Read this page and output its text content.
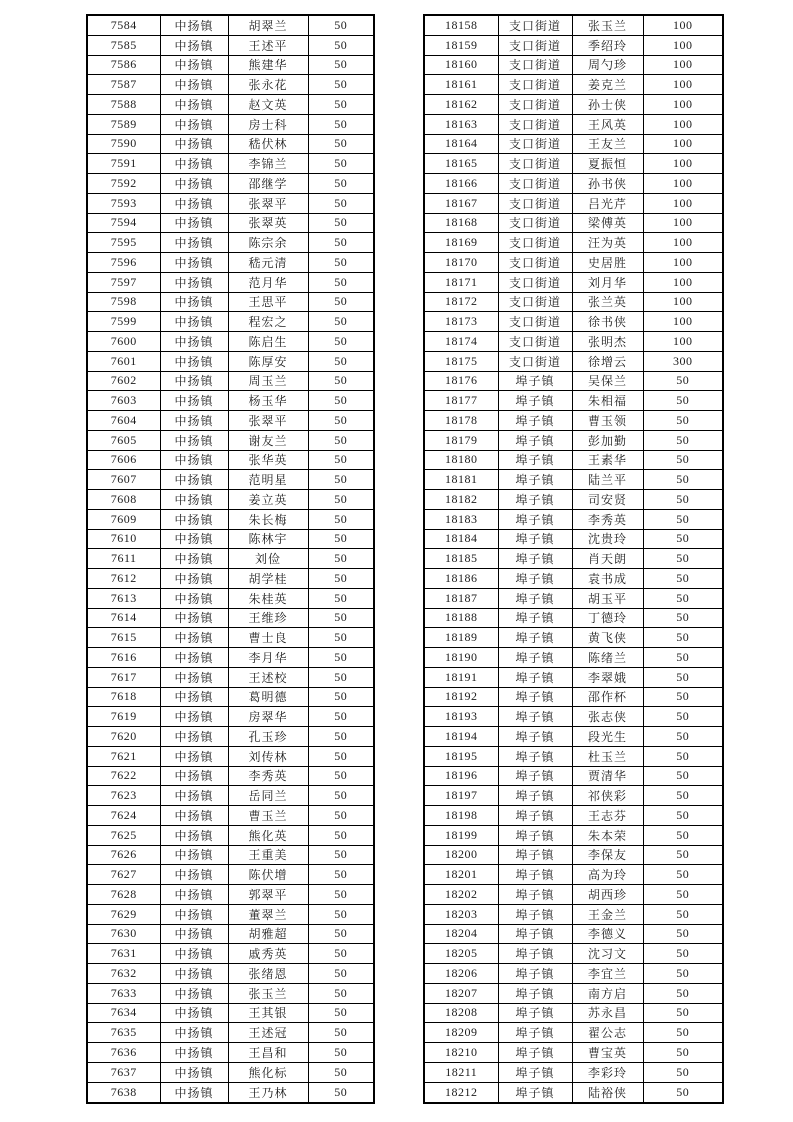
7584	中扬镇	胡翠兰	50
7585	中扬镇	王述平	50
7586	中扬镇	熊建华	50
7587	中扬镇	张永花	50
7588	中扬镇	赵文英	50
7589	中扬镇	房士科	50
7590	中扬镇	嵇伏林	50
7591	中扬镇	李锦兰	50
7592	中扬镇	邵继学	50
7593	中扬镇	张翠平	50
7594	中扬镇	张翠英	50
7595	中扬镇	陈宗余	50
7596	中扬镇	嵇元清	50
7597	中扬镇	范月华	50
7598	中扬镇	王思平	50
7599	中扬镇	程宏之	50
7600	中扬镇	陈启生	50
7601	中扬镇	陈厚安	50
7602	中扬镇	周玉兰	50
7603	中扬镇	杨玉华	50
7604	中扬镇	张翠平	50
7605	中扬镇	谢友兰	50
7606	中扬镇	张华英	50
7607	中扬镇	范明星	50
7608	中扬镇	姜立英	50
7609	中扬镇	朱长梅	50
7610	中扬镇	陈林宇	50
7611	中扬镇	刘俭	50
7612	中扬镇	胡学桂	50
7613	中扬镇	朱桂英	50
7614	中扬镇	王维珍	50
7615	中扬镇	曹士良	50
7616	中扬镇	李月华	50
7617	中扬镇	王述校	50
7618	中扬镇	葛明德	50
7619	中扬镇	房翠华	50
7620	中扬镇	孔玉珍	50
7621	中扬镇	刘传林	50
7622	中扬镇	李秀英	50
7623	中扬镇	岳同兰	50
7624	中扬镇	曹玉兰	50
7625	中扬镇	熊化英	50
7626	中扬镇	王重美	50
7627	中扬镇	陈伏增	50
7628	中扬镇	郭翠平	50
7629	中扬镇	董翠兰	50
7630	中扬镇	胡雅超	50
7631	中扬镇	戚秀英	50
7632	中扬镇	张绪恩	50
7633	中扬镇	张玉兰	50
7634	中扬镇	王其银	50
7635	中扬镇	王述冠	50
7636	中扬镇	王昌和	50
7637	中扬镇	熊化标	50
7638	中扬镇	王乃林	50
18158	支口街道	张玉兰	100
18159	支口街道	季绍玲	100
18160	支口街道	周勺珍	100
18161	支口街道	姜克兰	100
18162	支口街道	孙士侠	100
18163	支口街道	王风英	100
18164	支口街道	王友兰	100
18165	支口街道	夏振恒	100
18166	支口街道	孙书侠	100
18167	支口街道	吕光芹	100
18168	支口街道	梁傅英	100
18169	支口街道	汪为英	100
18170	支口街道	史居胜	100
18171	支口街道	刘月华	100
18172	支口街道	张兰英	100
18173	支口街道	徐书侠	100
18174	支口街道	张明杰	100
18175	支口街道	徐增云	300
18176	埠子镇	吴保兰	50
18177	埠子镇	朱相福	50
18178	埠子镇	曹玉领	50
18179	埠子镇	彭加勤	50
18180	埠子镇	王素华	50
18181	埠子镇	陆兰平	50
18182	埠子镇	司安贤	50
18183	埠子镇	李秀英	50
18184	埠子镇	沈贵玲	50
18185	埠子镇	肖天朗	50
18186	埠子镇	袁书成	50
18187	埠子镇	胡玉平	50
18188	埠子镇	丁德玲	50
18189	埠子镇	黄飞侠	50
18190	埠子镇	陈绪兰	50
18191	埠子镇	李翠娥	50
18192	埠子镇	邵作杯	50
18193	埠子镇	张志侠	50
18194	埠子镇	段光生	50
18195	埠子镇	杜玉兰	50
18196	埠子镇	贾清华	50
18197	埠子镇	祁侠彩	50
18198	埠子镇	王志芬	50
18199	埠子镇	朱本荣	50
18200	埠子镇	李保友	50
18201	埠子镇	高为玲	50
18202	埠子镇	胡西珍	50
18203	埠子镇	王金兰	50
18204	埠子镇	李德义	50
18205	埠子镇	沈习文	50
18206	埠子镇	李宜兰	50
18207	埠子镇	南方启	50
18208	埠子镇	苏永昌	50
18209	埠子镇	翟公志	50
18210	埠子镇	曹宝英	50
18211	埠子镇	李彩玲	50
18212	埠子镇	陆裕侠	50
